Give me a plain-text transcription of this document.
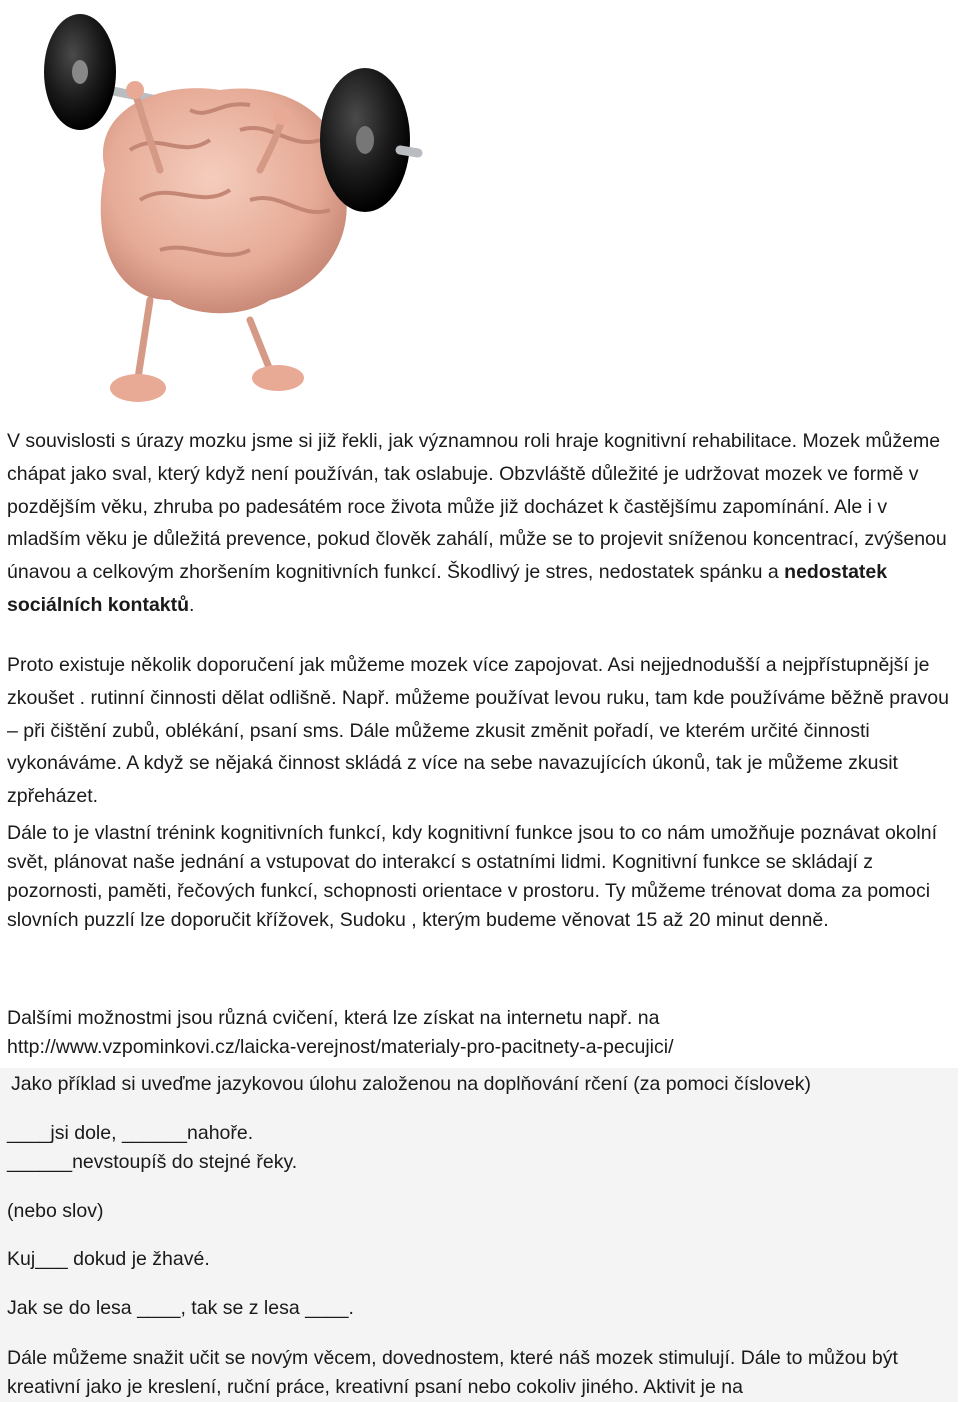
V souvislosti s úrazy mozku jsme si již řekli, jak významnou roli hraje kognitivní rehabilitace. Mozek můžeme chápat jako sval, který když není používán, tak oslabuje. Obzvláště důležité je udržovat mozek ve formě v pozdějším věku, zhruba po padesátém roce života může již docházet k častějšímu zapomínání. Ale i v mladším věku je důležitá prevence, pokud člověk zahálí, může se to projevit sníženou koncentrací, zvýšenou únavou a celkovým zhoršením kognitivních funkcí. Škodlivý je stres, nedostatek spánku a nedostatek sociálních kontaktů.

Proto existuje několik doporučení jak můžeme mozek více zapojovat. Asi nejjednodušší a nejpřístupnější je zkoušet . rutinní činnosti dělat odlišně. Např. můžeme používat levou ruku, tam kde používáme běžně pravou – při čištění zubů, oblékání, psaní sms. Dále můžeme zkusit změnit pořadí, ve kterém určité činnosti vykonáváme. A když se nějaká činnost skládá z více na sebe navazujících úkonů, tak je můžeme zkusit zpřeházet.

Dále to je vlastní trénink kognitivních funkcí, kdy kognitivní funkce jsou to co nám umožňuje poznávat okolní svět, plánovat naše jednání a vstupovat do interakcí s ostatními lidmi. Kognitivní funkce se skládají z pozornosti, paměti, řečových funkcí, schopnosti orientace v prostoru. Ty můžeme trénovat doma za pomoci slovních puzzlí lze doporučit křížovek, Sudoku , kterým budeme věnovat 15 až 20 minut denně.

Dalšími možnostmi jsou různá cvičení, která lze získat na internetu např. na
http://www.vzpominkovi.cz/laicka-verejnost/materialy-pro-pacitnety-a-pecujici/

Jako příklad si uveďme jazykovou úlohu založenou na doplňování rčení (za pomoci číslovek)
____jsi dole, ______nahoře.
______nevstoupíš do stejné řeky.
(nebo slov)
Kuj___ dokud je žhavé.
Jak se do lesa ____, tak se z lesa ____.

Dále můžeme snažit učit se novým věcem, dovednostem, které náš mozek stimulují. Dále to můžou být kreativní jako je kreslení, ruční práce, kreativní psaní nebo cokoliv jiného. Aktivit je na
